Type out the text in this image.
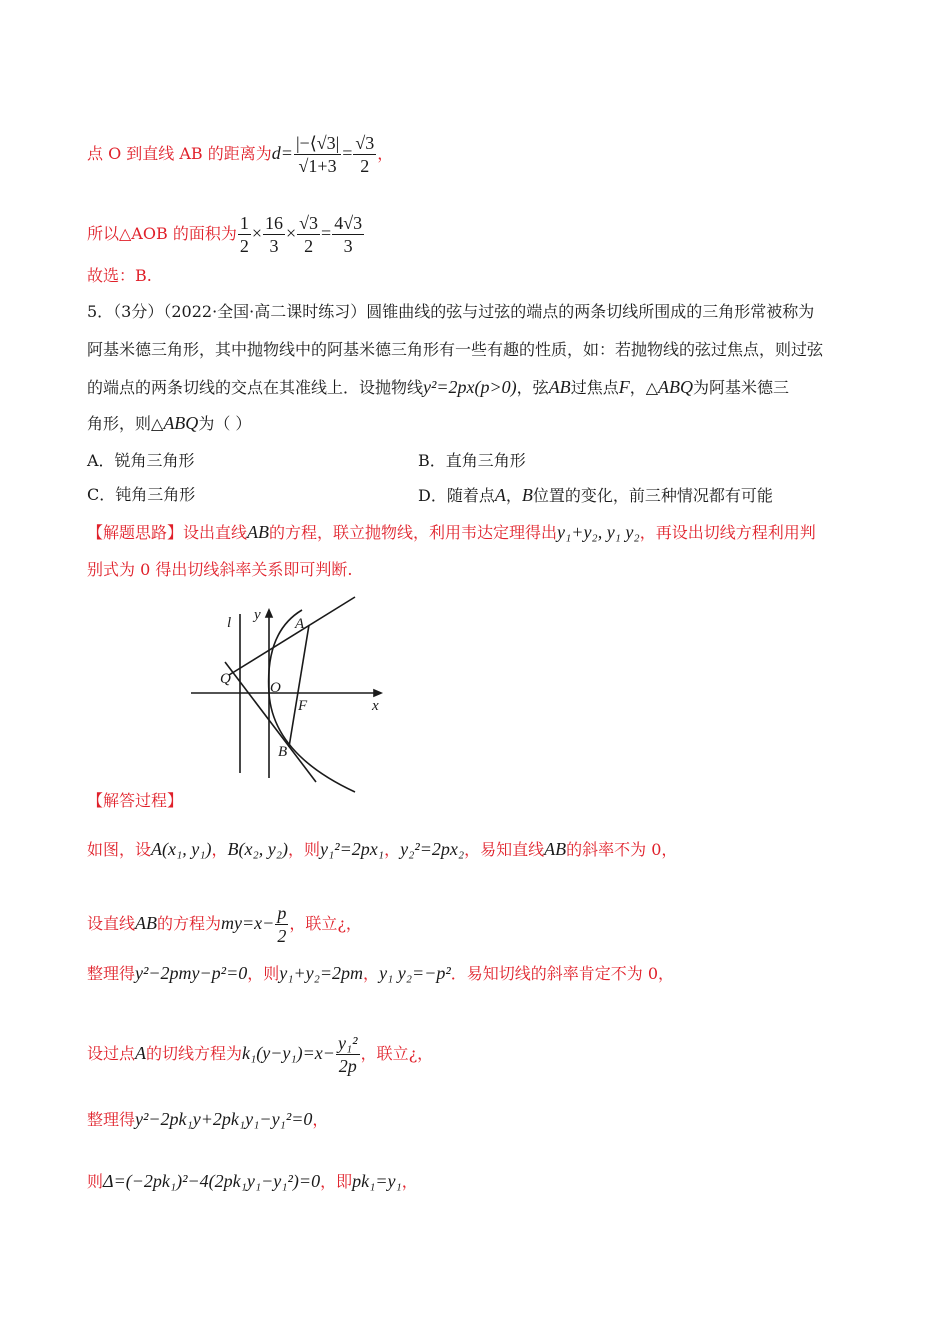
点 O 到直线 AB 的距离为$d= \frac{|-⟨√3|}{√1+3} = \frac{√3}{2}$ ，
所以△AOB 的面积为 $\frac{1}{2} \times \frac{16}{3} \times \frac{√3}{2} = \frac{4√3}{3}$
故选：B.
5．（3分）（2022·全国·高二课时练习）圆锥曲线的弦与过弦的端点的两条切线所围成的三角形常被称为
阿基米德三角形，其中抛物线中的阿基米德三角形有一些有趣的性质，如：若抛物线的弦过焦点，则过弦
的端点的两条切线的交点在其准线上．设抛物线y²=2px(p>0)，弦AB过焦点F，△ABQ为阿基米德三
角形，则△ABQ为（ ）
A．锐角三角形	B．直角三角形
C．钝角三角形	D．随着点A，B位置的变化，前三种情况都有可能
【解题思路】设出直线AB的方程，联立抛物线，利用韦达定理得出y₁+y₂, y₁ y₂，再设出切线方程利用判
别式为 0 得出切线斜率关系即可判断.
l y
A
Q
O
F	x
B
【解答过程】
如图，设A(x₁, y₁)，B(x₂, y₂)，则y₁²=2px₁，y₂²=2px₂，易知直线AB的斜率不为 0，
设直线AB的方程为$my=x- \frac{p}{2}$ ，联立¿，
整理得y²−2pmy−p²=0，则y₁+y₂=2pm，y₁ y₂=−p²．易知切线的斜率肯定不为 0，
设过点A的切线方程为$k_1(y-y_1)=x- \frac{\text{y₁²}}{2p}$ ，联立¿，
整理得y²−2pk₁y+2pk₁y₁−y₁²=0，
则Δ=(−2pk₁)²−4(2pk₁y₁−y₁²)=0，即pk₁=y₁，
